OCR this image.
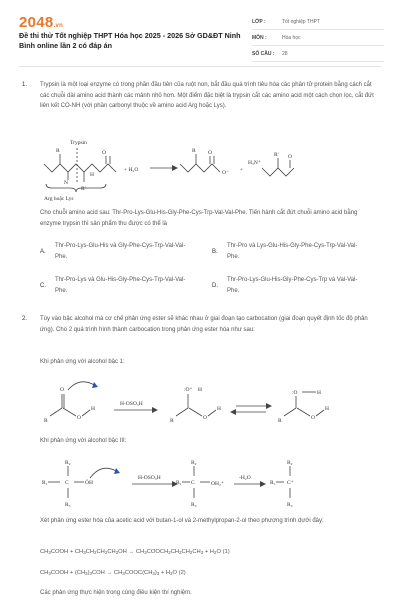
2048.vn
Đề thi thử Tốt nghiệp THPT Hóa học 2025 - 2026 Sở GD&ĐT Ninh Bình online lần 2 có đáp án
LỚP :	Tốt nghiệp THPT
MÔN :	Hóa học
SỐ CÂU :	28
1. Trypsin là một loại enzyme có trong phần đầu tiên của ruột non, bắt đầu quá trình tiêu hóa các phân tử protein bằng cách cắt các chuỗi dài amino acid thành các mảnh nhỏ hơn. Một điểm đặc biệt là trypsin cắt các amino acid một cách chọn lọc, cắt đứt liên kết CO-NH (với phần carbonyl thuộc về amino acid Arg hoặc Lys).
Trypsin
R
R'
O
H
N
Arg hoặc Lys
+ H₂O
R O
O⁻ +
H₃N⁺
R' O
Cho chuỗi amino acid sau: Thr-Pro-Lys-Glu-His-Gly-Phe-Cys-Trp-Val-Val-Phe. Tiến hành cắt đứt chuỗi amino acid bằng enzyme trypsin thì sản phẩm thu được có thể là
A.
Thr-Pro-Lys-Glu-His và Gly-Phe-Cys-Trp-Val-Val-Phe.
B.
Thr-Pro và Lys-Glu-His-Gly-Phe-Cys-Trp-Val-Val-Phe.
C.
Thr-Pro-Lys và Glu-His-Gly-Phe-Cys-Trp-Val-Val-Phe.
D.
Thr-Pro-Lys-Glu-His-Gly-Phe-Cys-Trp và Val-Val-Phe.
2. Tùy vào bậc alcohol mà cơ chế phản ứng ester sẽ khác nhau ở giai đoạn tạo carbocation (giai đoạn quyết định tốc độ phản ứng). Cho 2 quá trình hình thành carbocation trong phản ứng ester hóa như sau:
Khi phản ứng với alcohol bậc 1:
R
O
O
H
H-OSO₃H
R
:O⁺ H
O
H
R
:O	H
O
H
Khi phản ứng với alcohol bậc III:
R₂
R₁	C	ÖH
R₃
H-OSO₃H
R₂
R₁ C	OH₂⁺
R₃
-H₂O
R₂
R₁ C⁺
R₃
Xét phản ứng ester hóa của acetic acid với butan-1-ol và 2-methylpropan-2-ol theo phương trình dưới đây:
$CH_3COOH + CH_3CH_2CH_2CH_2OH$ → $CH_3COOCH_2CH_2CH_2CH_3 + H_2O$ (1)
$CH_3COOH + (CH_3)_3COH$ → $CH_3COOC(CH_3)_3 + H_2O$ (2)
Các phản ứng thực hiện trong cùng điều kiện thí nghiệm.
